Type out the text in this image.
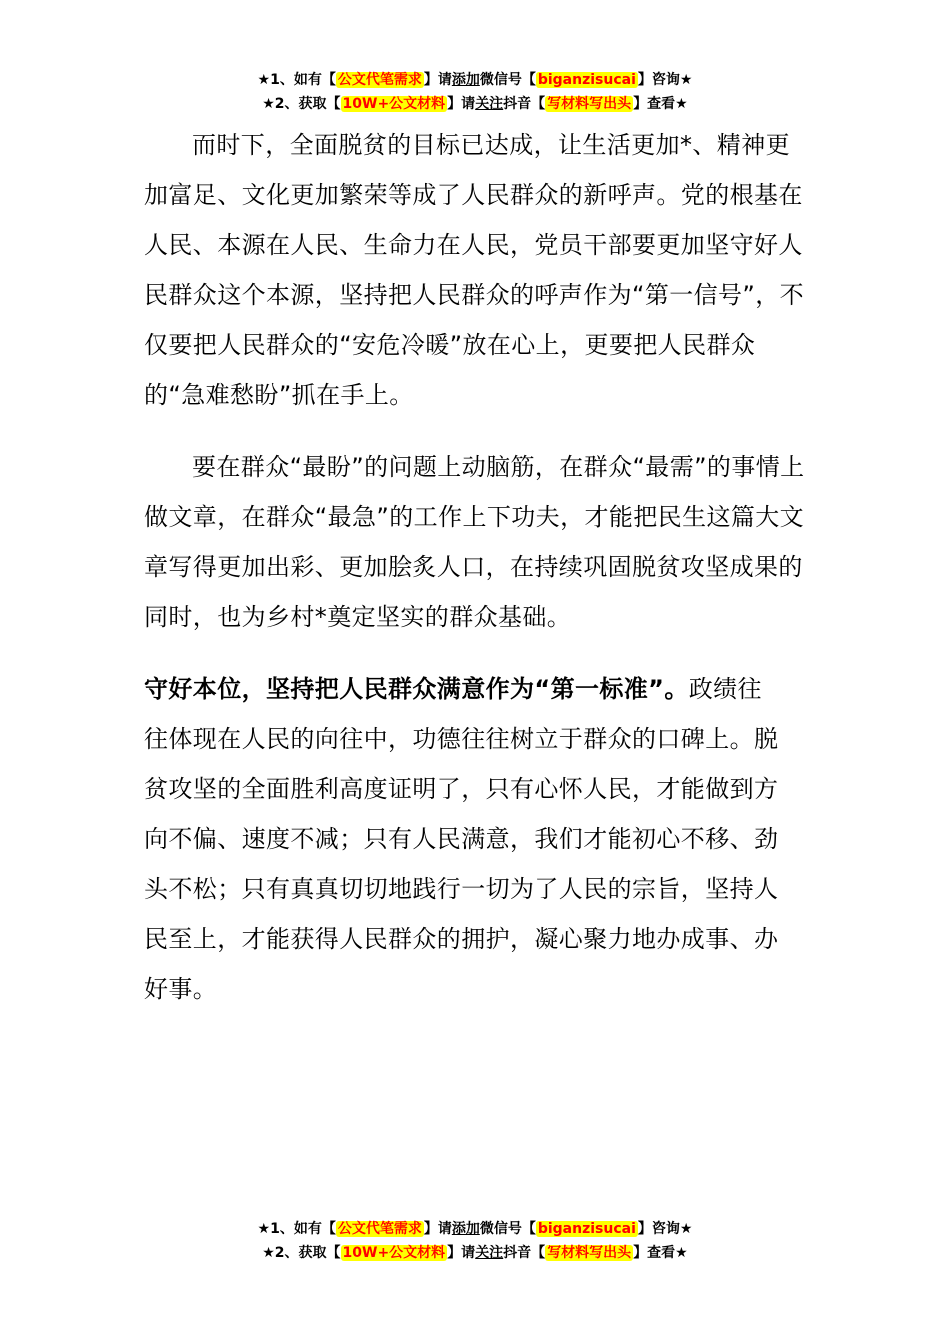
★1、如有【 公文代笔需求 】请添加微信号【 biganzisucai 】咨询★
★2、获取【 10W+公文材料 】请关注抖音【 写材料写出头 】查看★

而时下，全面脱贫的目标已达成，让生活更加*、精神更加富足、文化更加繁荣等成了人民群众的新呼声。党的根基在人民、本源在人民、生命力在人民，党员干部要更加坚守好人民群众这个本源，坚持把人民群众的呼声作为“第一信号”，不仅要把人民群众的“安危冷暖”放在心上，更要把人民群众的“急难愁盼”抓在手上。

要在群众“最盼”的问题上动脑筋，在群众“最需”的事情上做文章，在群众“最急”的工作上下功夫，才能把民生这篇大文章写得更加出彩、更加脍炙人口，在持续巩固脱贫攻坚成果的同时，也为乡村*奠定坚实的群众基础。

守好本位，坚持把人民群众满意作为“第一标准”。政绩往往体现在人民的向往中，功德往往树立于群众的口碑上。脱贫攻坚的全面胜利高度证明了，只有心怀人民，才能做到方向不偏、速度不减；只有人民满意，我们才能初心不移、劲头不松；只有真真切切地践行一切为了人民的宗旨，坚持人民至上，才能获得人民群众的拥护，凝心聚力地办成事、办好事。

★1、如有【 公文代笔需求 】请添加微信号【 biganzisucai 】咨询★
★2、获取【 10W+公文材料 】请关注抖音【 写材料写出头 】查看★
